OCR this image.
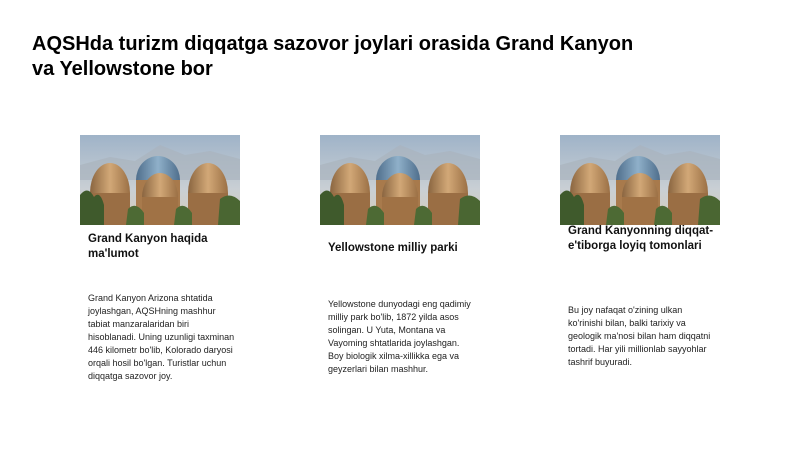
AQSHda turizm diqqatga sazovor joylari orasida Grand Kanyon va Yellowstone bor
Grand Kanyon haqida ma'lumot

Grand Kanyon Arizona shtatida joylashgan, AQSHning mashhur tabiat manzaralaridan biri hisoblanadi. Uning uzunligi taxminan 446 kilometr bo'lib, Kolorado daryosi orqali hosil bo'lgan. Turistlar uchun diqqatga sazovor joy.

Yellowstone milliy parki

Yellowstone dunyodagi eng qadimiy milliy park bo'lib, 1872 yilda asos solingan. U Yuta, Montana va Vayoming shtatlarida joylashgan. Boy biologik xilma-xillikka ega va geyzerlari bilan mashhur.

Grand Kanyonning diqqat-e'tiborga loyiq tomonlari

Bu joy nafaqat o'zining ulkan ko'rinishi bilan, balki tarixiy va geologik ma'nosi bilan ham diqqatni tortadi. Har yili millionlab sayyohlar tashrif buyuradi.
